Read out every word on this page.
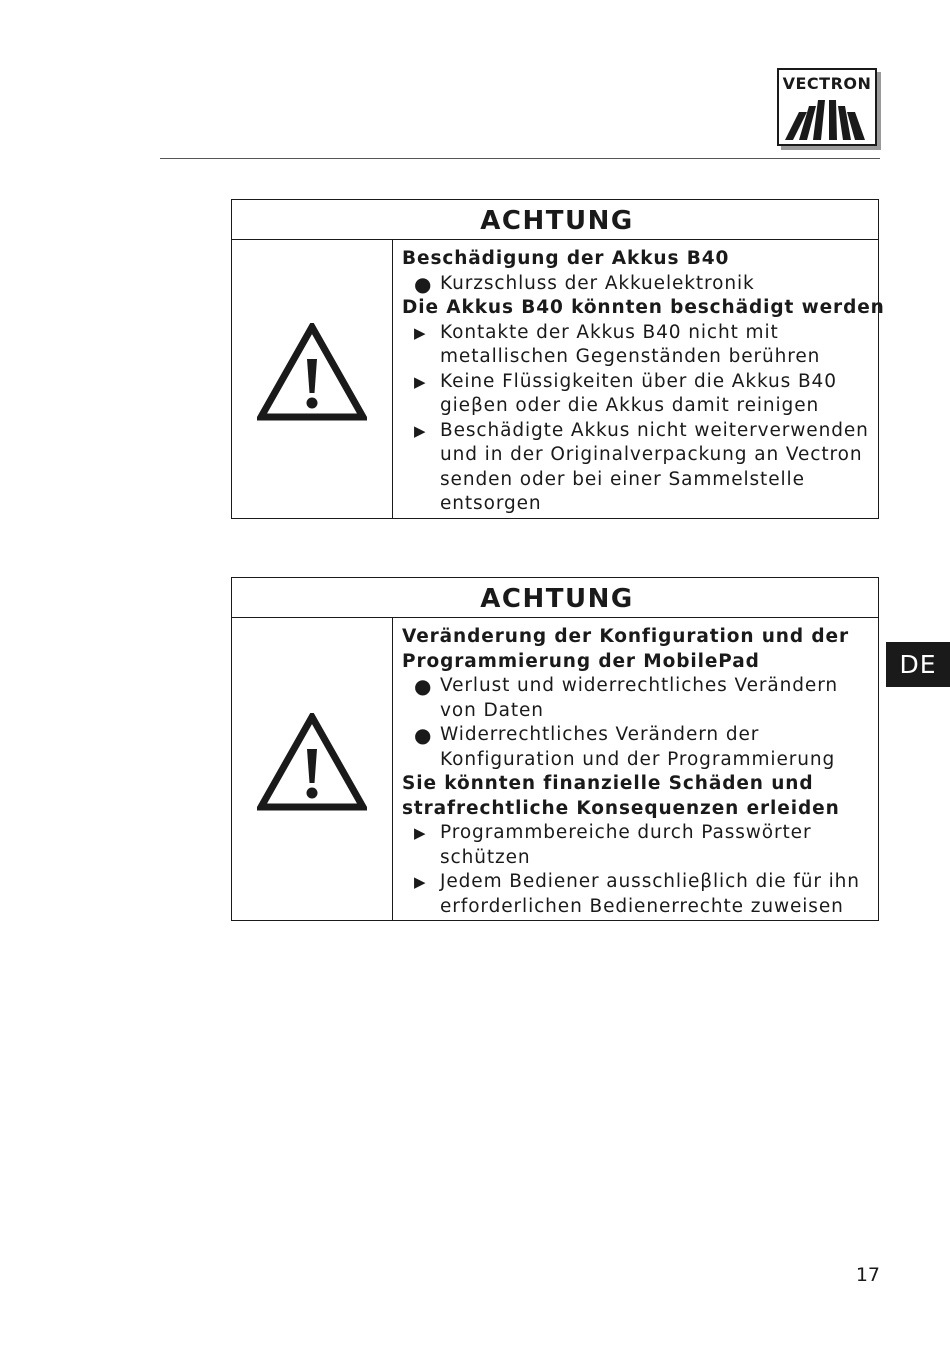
VECTRON
ACHTUNG
Beschädigung der Akkus B40
● Kurzschluss der Akkuelektronik
Die Akkus B40 könnten beschädigt werden
▶ Kontakte der Akkus B40 nicht mit
metallischen Gegenständen berühren
▶ Keine Flüssigkeiten über die Akkus B40
gieβen oder die Akkus damit reinigen
▶ Beschädigte Akkus nicht weiterverwenden
und in der Originalverpackung an Vectron
senden oder bei einer Sammelstelle
entsorgen
ACHTUNG
Veränderung der Konfiguration und der
Programmierung der MobilePad
● Verlust und widerrechtliches Verändern
von Daten
● Widerrechtliches Verändern der
Konfiguration und der Programmierung
Sie könnten finanzielle Schäden und
strafrechtliche Konsequenzen erleiden
▶ Programmbereiche durch Passwörter
schützen
▶ Jedem Bediener ausschlieβlich die für ihn
erforderlichen Bedienerrechte zuweisen
DE
17
